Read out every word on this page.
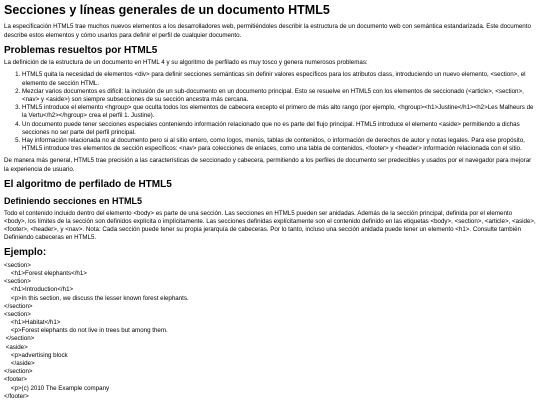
Secciones y líneas generales de un documento HTML5

La especificación HTML5 trae muchos nuevos elementos a los desarrolladores web, permitiéndoles describir la estructura de un documento web con semántica estandarizada. Este documento describe estos elementos y cómo usarlos para definir el perfil de cualquier documento.

Problemas resueltos por HTML5

La definición de la estructura de un documento en HTML 4 y su algoritmo de perfilado es muy tosco y genera numerosos problemas:

1. HTML5 quita la necesidad de elementos <div> para definir secciones semánticas sin definir valores específicos para los atributos class, introduciendo un nuevo elemento, <section>, el elemento de sección HTML.
2. Mezclar varios documentos es difícil: la inclusión de un sub-documento en un documento principal. Esto se resuelve en HTML5 con los elementos de seccionado (<article>, <section>, <nav> y <aside>) son siempre subsecciones de su sección ancestra más cercana.
3. HTML5 introduce el elemento <hgroup> que oculta todos los elementos de cabecera excepto el primero de más alto rango (por ejemplo, <hgroup><h1>Justine</h1><h2>Les Malheurs de la Vertu</h2></hgroup> crea el perfil 1. Justine).
4. Un documento puede tener secciones especiales conteniendo información relacionado que no es parte del flujo principal. HTML5 introduce el elemento <aside> permitiendo a dichas secciones no ser parte del perfil principal.
5. Hay información relacionada no al documento pero si al sitio entero, como logos, menús, tablas de contenidos, o información de derechos de autor y notas legales. Para ese propósito, HTML5 introduce tres elementos de sección específicos: <nav> para colecciones de enlaces, como una tabla de contenidos, <footer> y <header> información relacionada con el sitio.

De manera más general, HTML5 trae precisión a las características de seccionado y cabecera, permitiendo a los perfiles de documento ser predecibles y usados por el navegador para mejorar la experiencia de usuario.

El algoritmo de perfilado de HTML5
Definiendo secciones en HTML5

Todo el contenido incluido dentro del elemento <body> es parte de una sección. Las secciones en HTML5 pueden ser anidadas. Además de la sección principal, definida por el elemento <body>, los límites de la sección son definidos explícita o implícitamente. Las secciones definidas explícitamente son el contenido definido en las etiquetas <body>, <section>, <article>, <aside>, <footer>, <header>, y <nav>. Nota: Cada sección puede tener su propia jerarquía de cabeceras. Por lo tanto, incluso una sección anidada puede tener un elemento <h1>. Consulte también Definiendo cabeceras en HTML5.

Ejemplo:
<section>
<h1>Forest elephants</h1>
<section>
<h1>Introduction</h1>
<p>In this section, we discuss the lesser known forest elephants.
</section>
<section>
<h1>Habitat</h1>
<p>Forest elephants do not live in trees but among them.
</section>
<aside>
<p>advertising block
</aside>
</section>
<footer>
<p>(c) 2010 The Example company
</footer>
